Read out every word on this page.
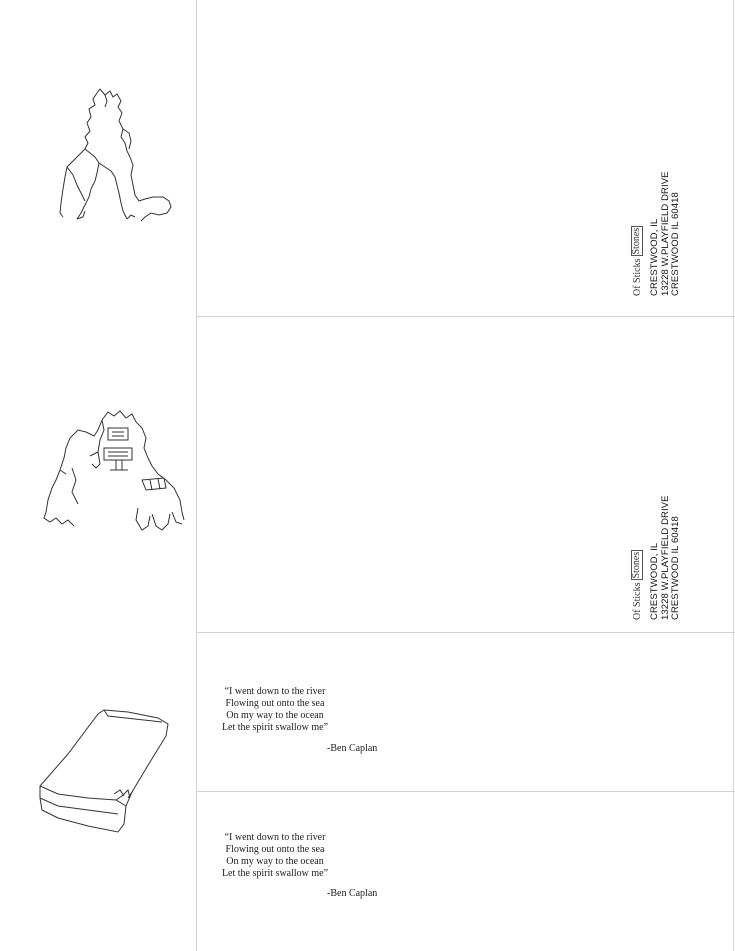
Of Sticks
Stones CRESTWOOD, IL 13228 W.PLAYFIELD DRIVE CRESTWOOD IL 60418
Of Sticks
Stones CRESTWOOD, IL 13228 W.PLAYFIELD DRIVE CRESTWOOD IL 60418
“I went down to the river
Flowing out onto the sea
On my way to the ocean
Let the spirit swallow me”
-Ben Caplan
“I went down to the river
Flowing out onto the sea
On my way to the ocean
Let the spirit swallow me”
-Ben Caplan
